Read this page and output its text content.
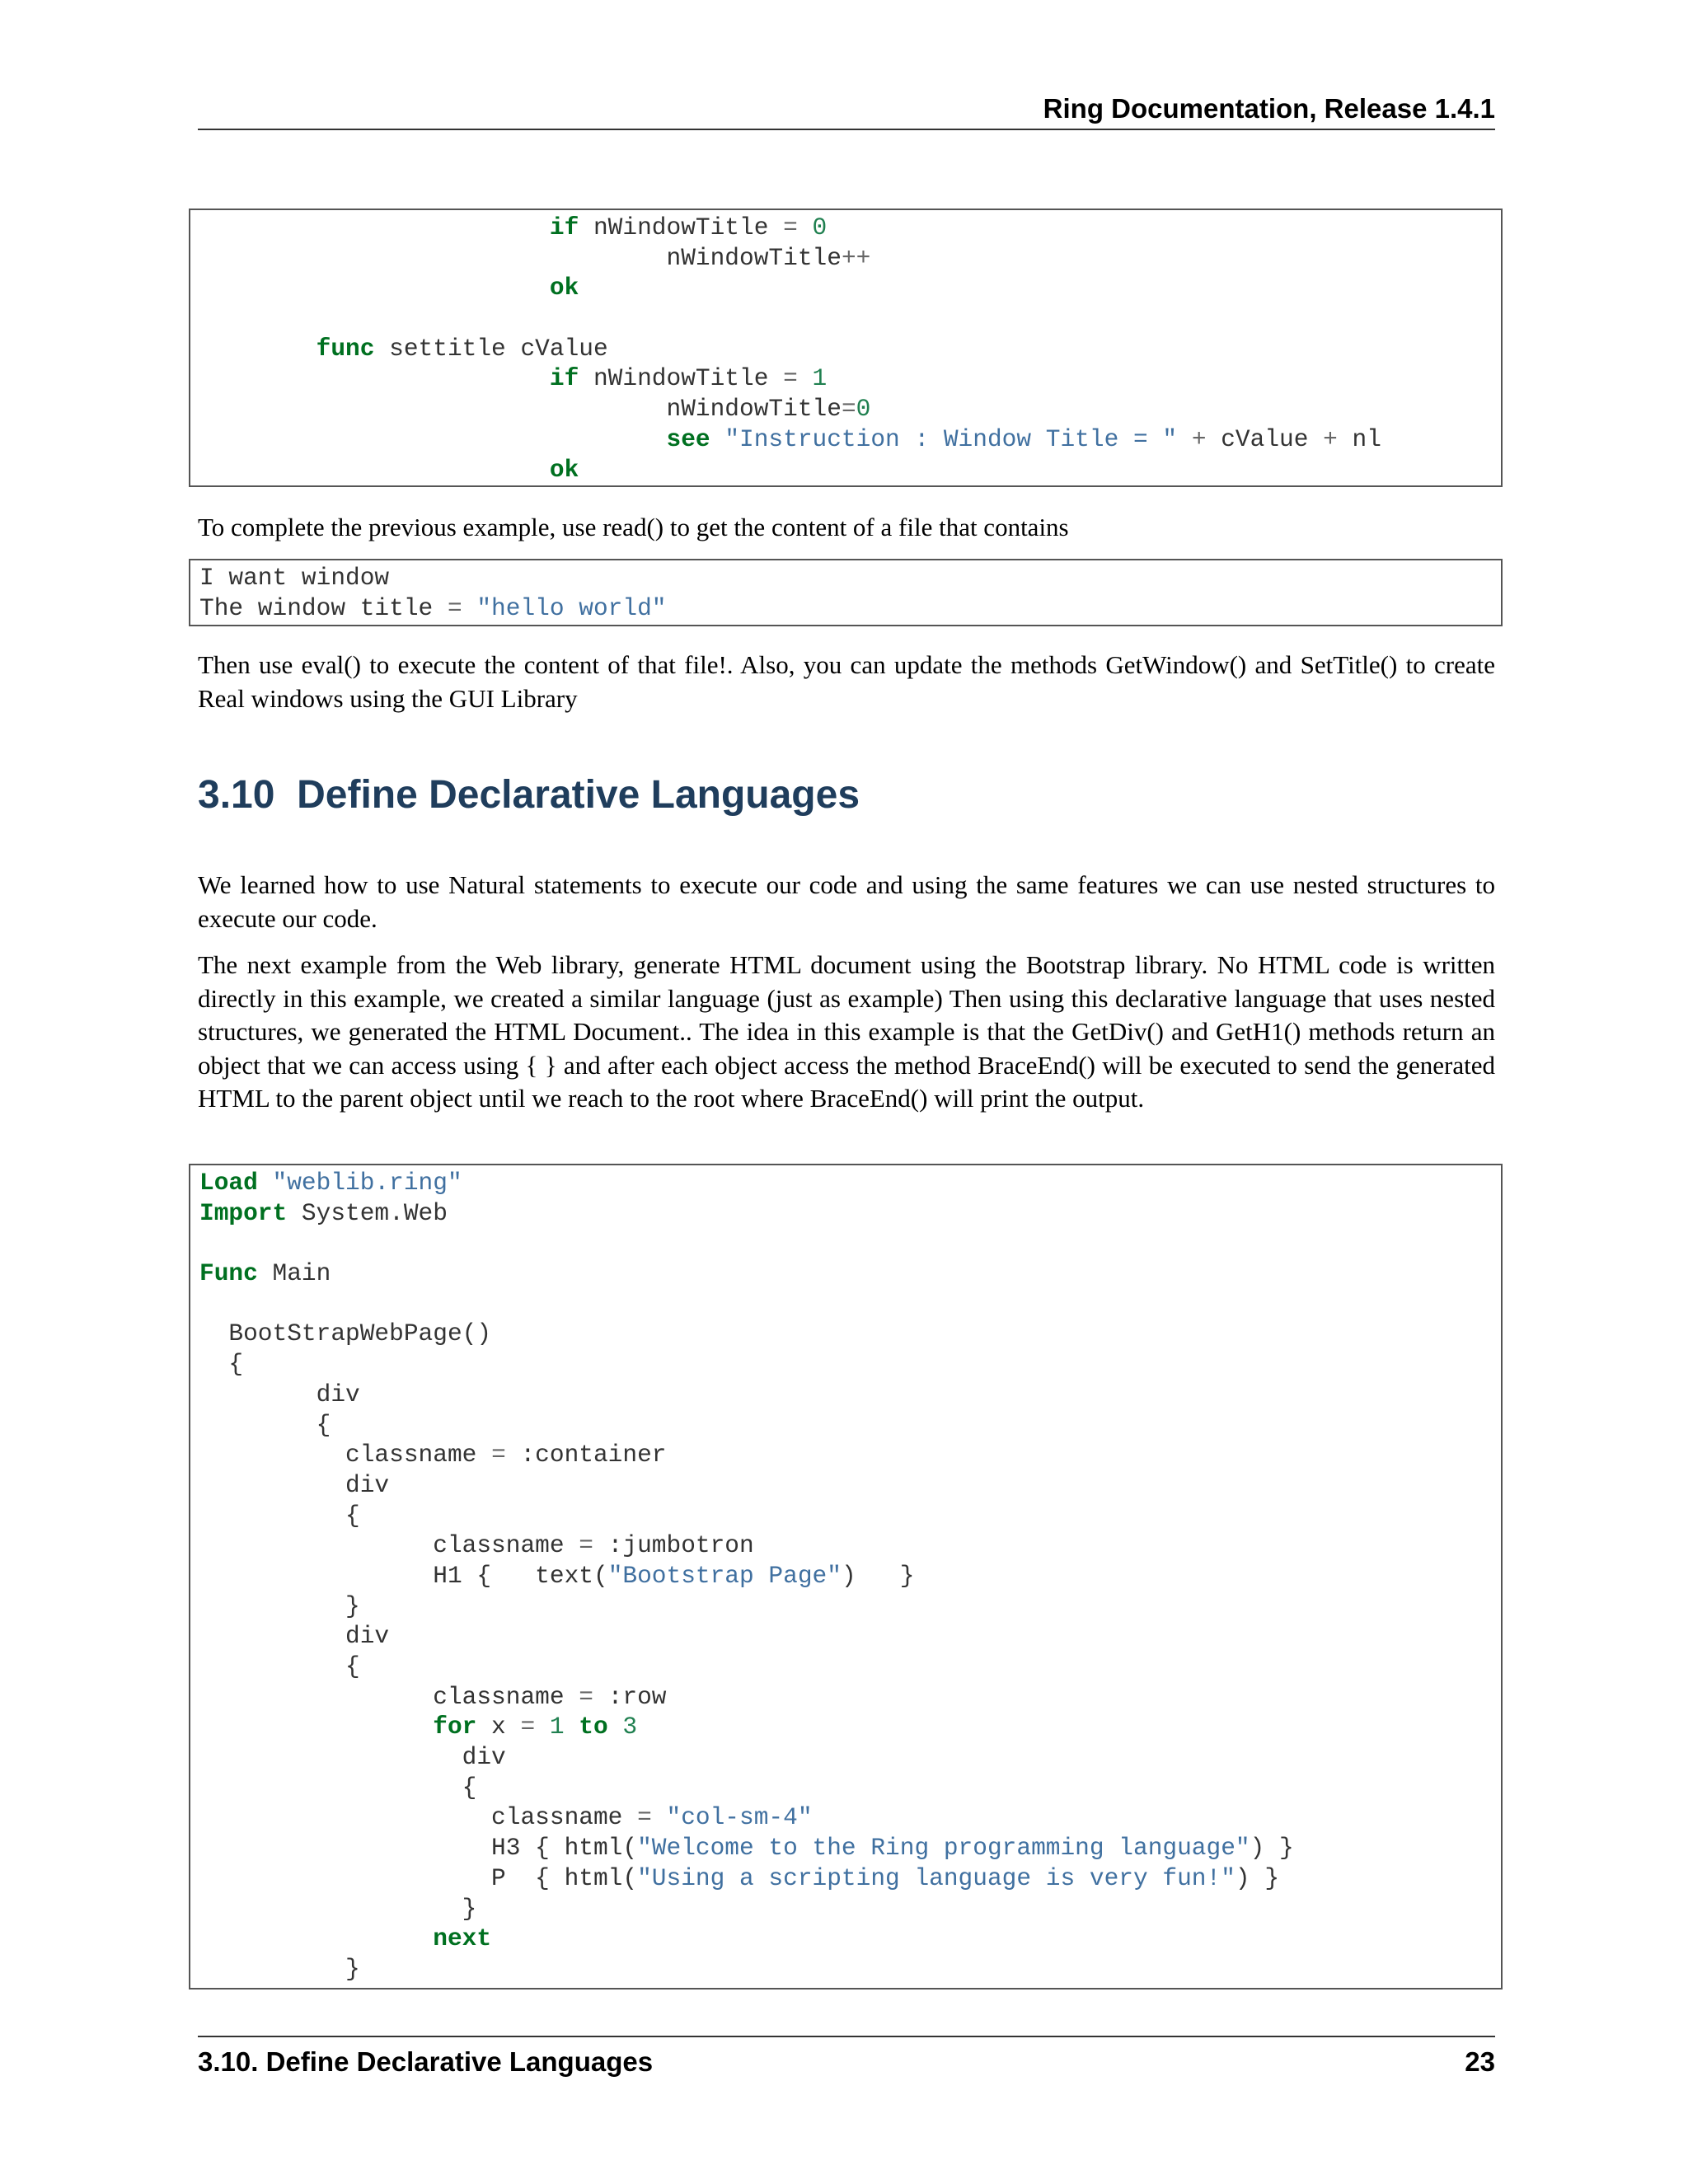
Ring Documentation, Release 1.4.1
if nWindowTitle = 0
nWindowTitle++
ok
func settitle cValue
if nWindowTitle = 1
nWindowTitle=0
see "Instruction : Window Title = " + cValue + nl
ok

To complete the previous example, use read() to get the content of a file that contains

I want window
The window title = "hello world"

Then use eval() to execute the content of that file!. Also, you can update the methods GetWindow() and SetTitle() to create Real windows using the GUI Library

3.10 Define Declarative Languages

We learned how to use Natural statements to execute our code and using the same features we can use nested structures to execute our code.

The next example from the Web library, generate HTML document using the Bootstrap library. No HTML code is written directly in this example, we created a similar language (just as example) Then using this declarative language that uses nested structures, we generated the HTML Document.. The idea in this example is that the GetDiv() and GetH1() methods return an object that we can access using { } and after each object access the method BraceEnd() will be executed to send the generated HTML to the parent object until we reach to the root where BraceEnd() will print the output.

Load "weblib.ring"
Import System.Web
Func Main
BootStrapWebPage()
{
div
{
classname = :container
div
{
classname = :jumbotron
H1 {   text("Bootstrap Page")   }
}
div
{
classname = :row
for x = 1 to 3
div
{
classname = "col-sm-4"
H3 { html("Welcome to the Ring programming language") }
P  { html("Using a scripting language is very fun!") }
}
next
}
3.10. Define Declarative Languages	23
